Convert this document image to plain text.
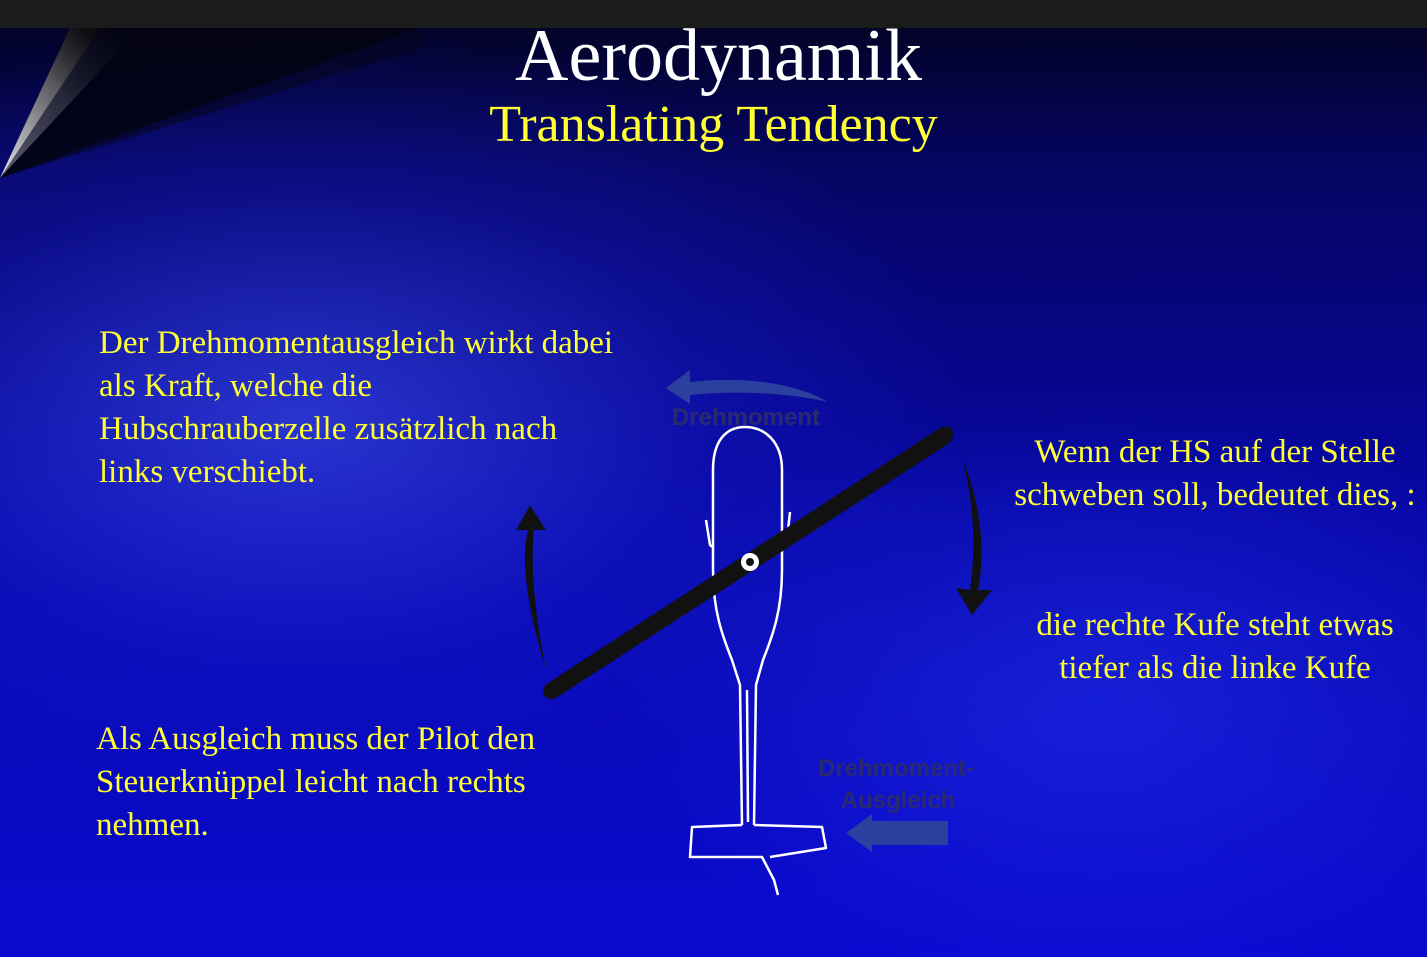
Aerodynamik
Translating Tendency

Der Drehmomentausgleich wirkt dabei als Kraft, welche die Hubschrauberzelle zusätzlich nach links verschiebt.

Als Ausgleich muss der Pilot den Steuerknüppel leicht nach rechts nehmen.

Wenn der HS auf der Stelle schweben soll, bedeutet dies, :

die rechte Kufe steht etwas tiefer als die linke Kufe

Drehmoment
Drehmoment-
Ausgleich
